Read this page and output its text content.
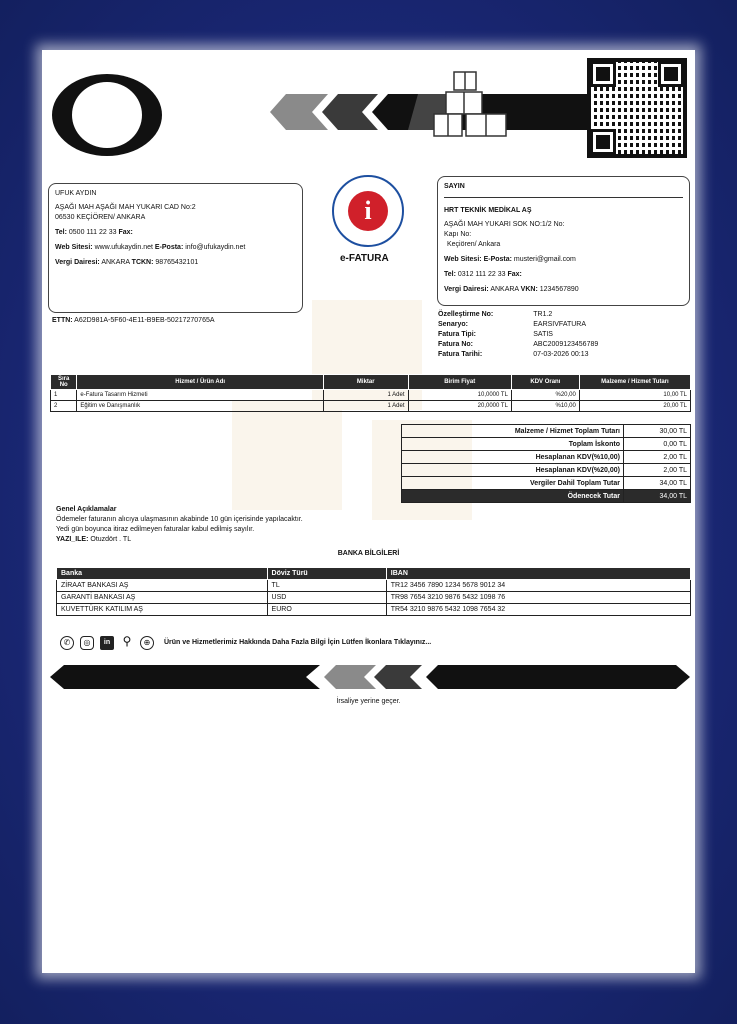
UFUK AYDIN
AŞAĞI MAH AŞAĞI MAH YUKARI CAD No:2
06530 KEÇİÖREN/ ANKARA
Tel: 0500 111 22 33 Fax:
Web Sitesi: www.ufukaydin.net E-Posta: info@ufukaydin.net
Vergi Dairesi: ANKARA TCKN: 98765432101
i
e-FATURA
SAYIN
HRT TEKNİK MEDİKAL AŞ
AŞAĞI MAH YUKARI SOK NO:1/2 No:
Kapı No:
Keçiören/ Ankara
Web Sitesi: E-Posta: musteri@gmail.com
Tel: 0312 111 22 33 Fax:
Vergi Dairesi: ANKARA VKN: 1234567890
ETTN: A62D981A-5F60-4E11-B9EB-50217270765A
Özelleştirme No:	TR1.2
Senaryo:	EARSIVFATURA
Fatura Tipi:	SATIS
Fatura No:	ABC2009123456789
Fatura Tarihi:	07-03-2026 00:13
Sıra No	Hizmet / Ürün Adı	Miktar	Birim Fiyat	KDV Oranı	Malzeme / Hizmet Tutarı
1	e-Fatura Tasarım Hizmeti	1 Adet	10,0000 TL	%20,00	10,00 TL
2	Eğitim ve Danışmanlık	1 Adet	20,0000 TL	%10,00	20,00 TL
Malzeme / Hizmet Toplam Tutarı	30,00 TL
Toplam İskonto	0,00 TL
Hesaplanan KDV(%10,00)	2,00 TL
Hesaplanan KDV(%20,00)	2,00 TL
Vergiler Dahil Toplam Tutar	34,00 TL
Ödenecek Tutar	34,00 TL
Genel Açıklamalar
Ödemeler faturanın alıcıya ulaşmasının akabinde 10 gün içerisinde yapılacaktır.
Yedi gün boyunca itiraz edilmeyen faturalar kabul edilmiş sayılır.
YAZI_ILE: Otuzdört . TL
BANKA BİLGİLERİ
Banka	Döviz Türü	IBAN
ZİRAAT BANKASI AŞ	TL	TR12 3456 7890 1234 5678 9012 34
GARANTİ BANKASI AŞ	USD	TR98 7654 3210 9876 5432 1098 76
KUVETTÜRK KATILIM AŞ	EURO	TR54 3210 9876 5432 1098 7654 32
✆	◎	in	⚲	⊕	Ürün ve Hizmetlerimiz Hakkında Daha Fazla Bilgi İçin Lütfen İkonlara Tıklayınız...
İrsaliye yerine geçer.
